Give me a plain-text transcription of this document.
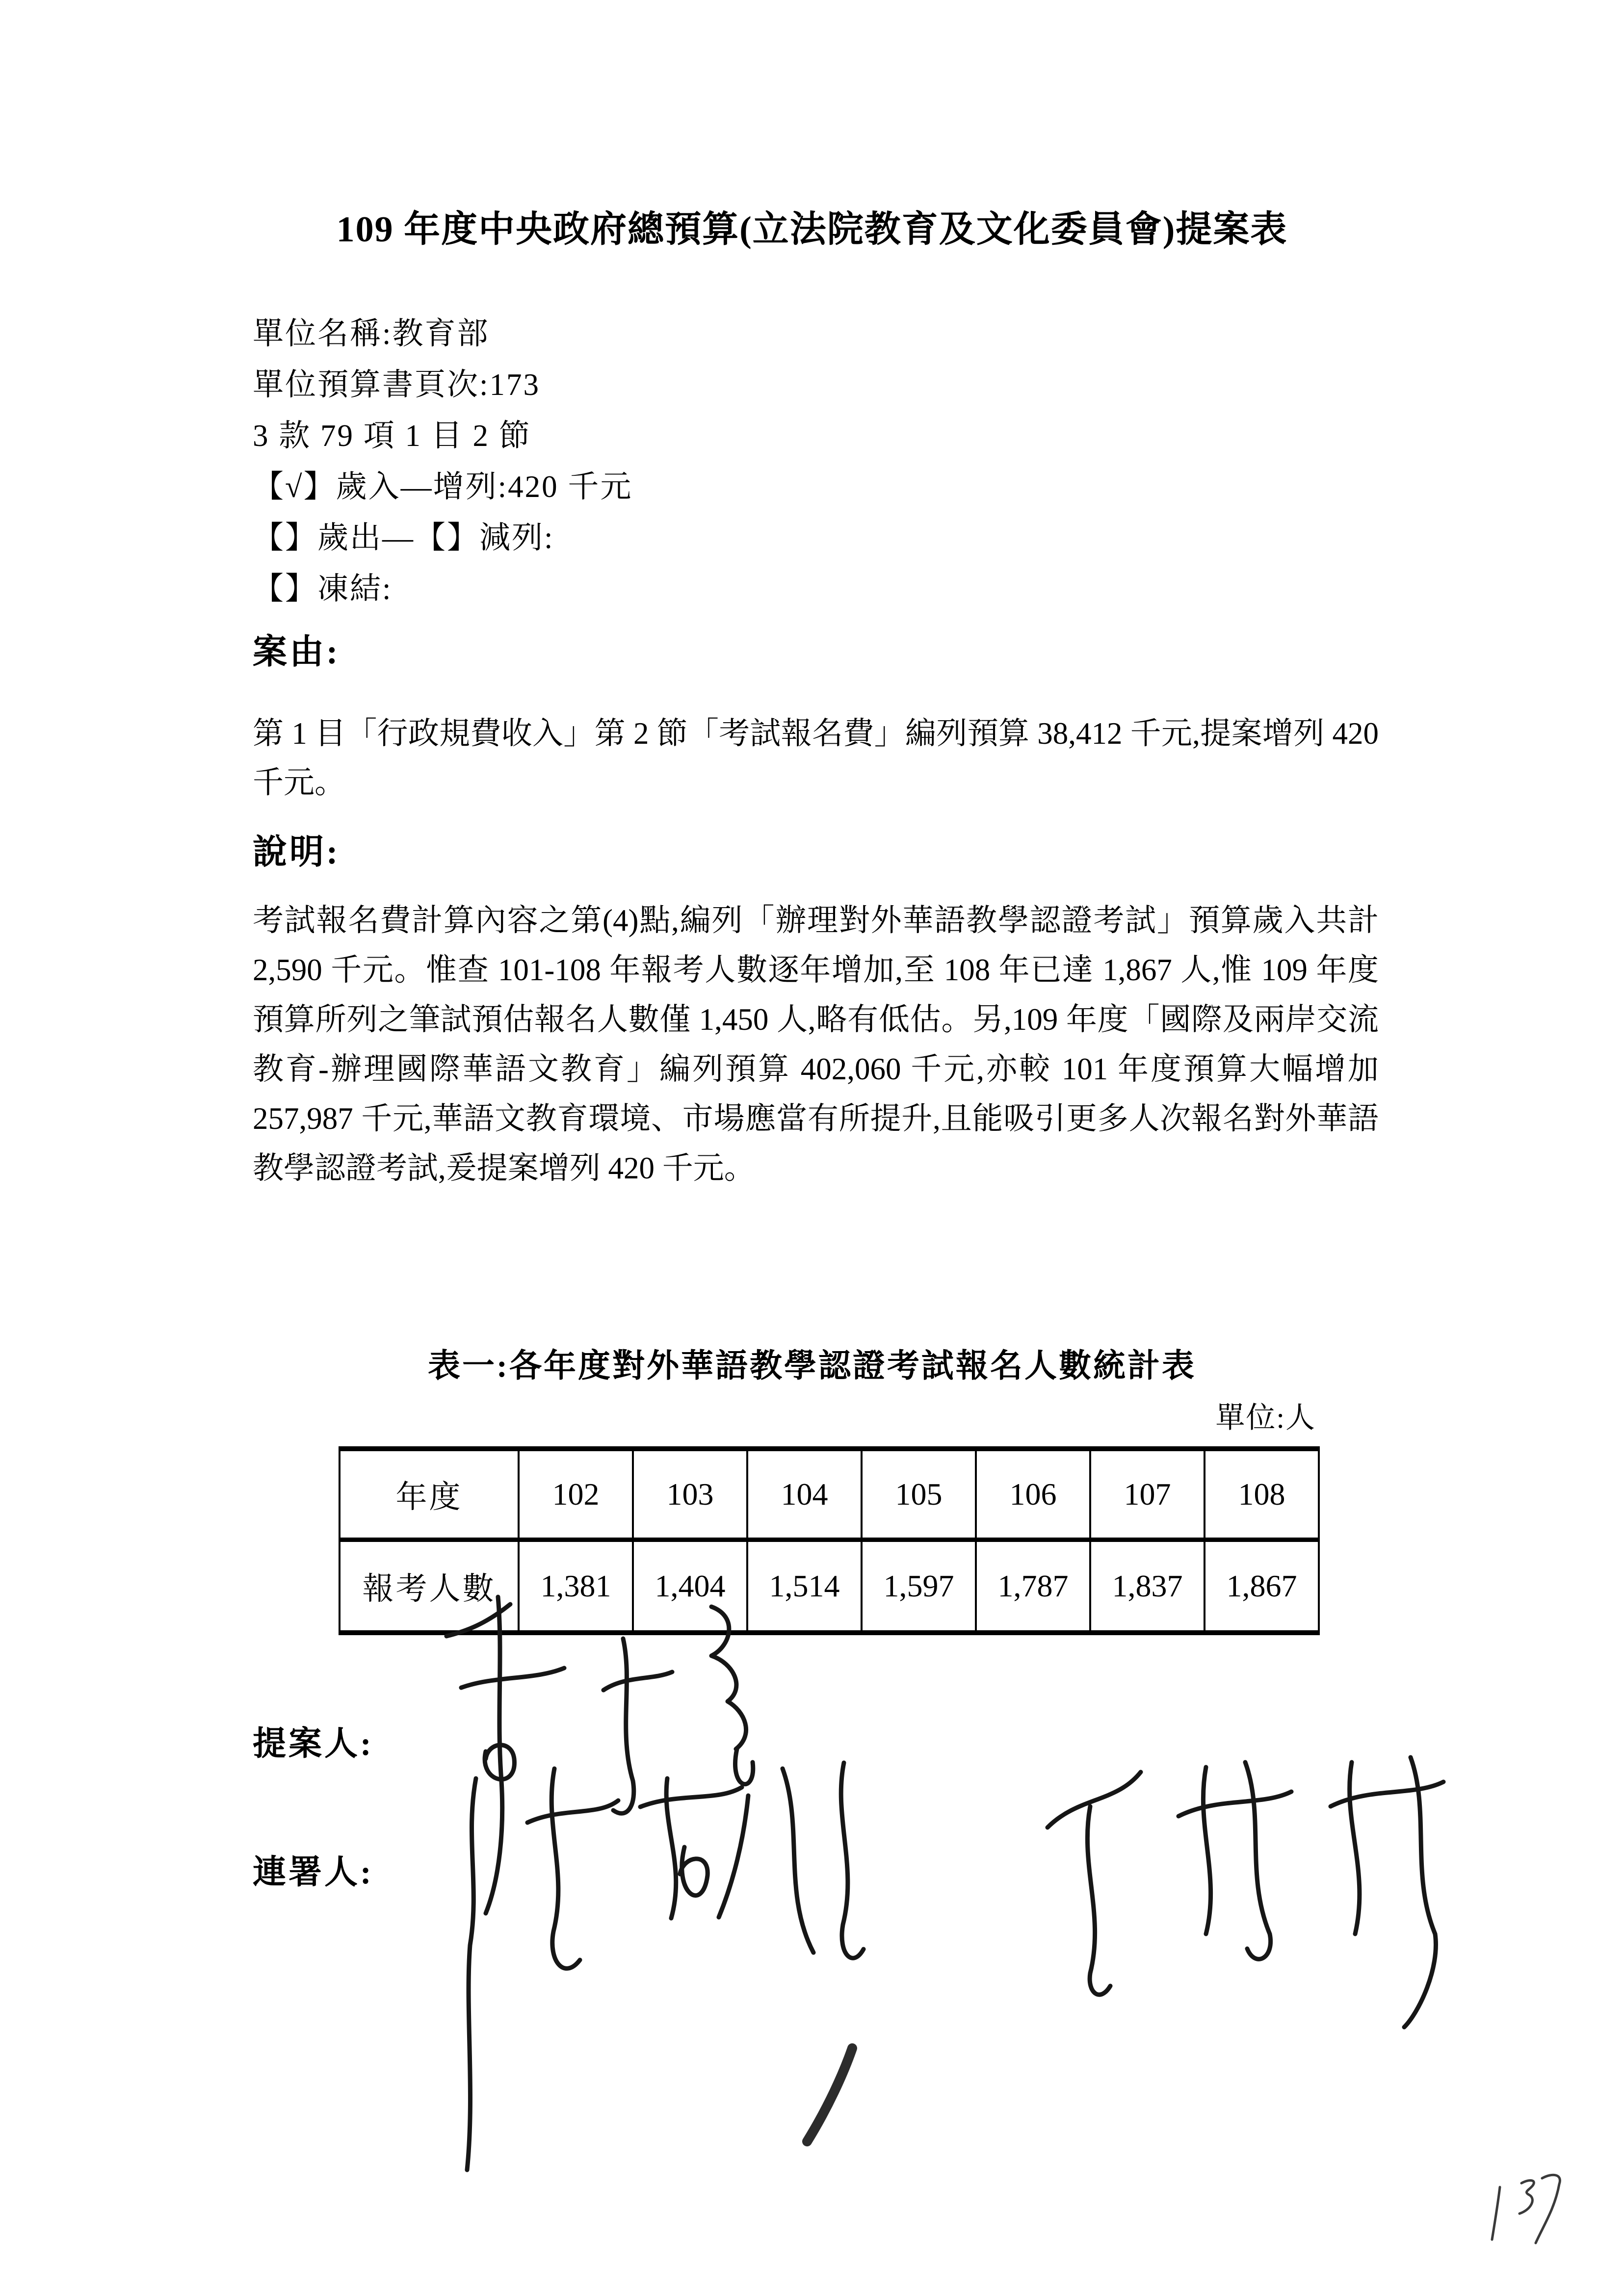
109 年度中央政府總預算(立法院教育及文化委員會)提案表
單位名稱:教育部
單位預算書頁次:173
3 款 79 項 1 目 2 節
【√】歲入—增列:420 千元
【】歲出—【】減列:
【】凍結:
案由:

第 1 目「行政規費收入」第 2 節「考試報名費」編列預算 38,412 千元,提案增列 420 千元。

說明:

考試報名費計算內容之第(4)點,編列「辦理對外華語教學認證考試」預算歲入共計 2,590 千元。惟查 101-108 年報考人數逐年增加,至 108 年已達 1,867 人,惟 109 年度預算所列之筆試預估報名人數僅 1,450 人,略有低估。另,109 年度「國際及兩岸交流教育-辦理國際華語文教育」編列預算 402,060 千元,亦較 101 年度預算大幅增加 257,987 千元,華語文教育環境、市場應當有所提升,且能吸引更多人次報名對外華語教學認證考試,爰提案增列 420 千元。

表一:各年度對外華語教學認證考試報名人數統計表
單位:人
年度	102	103	104	105	106	107	108
報考人數	1,381	1,404	1,514	1,597	1,787	1,837	1,867
提案人:
連署人:
